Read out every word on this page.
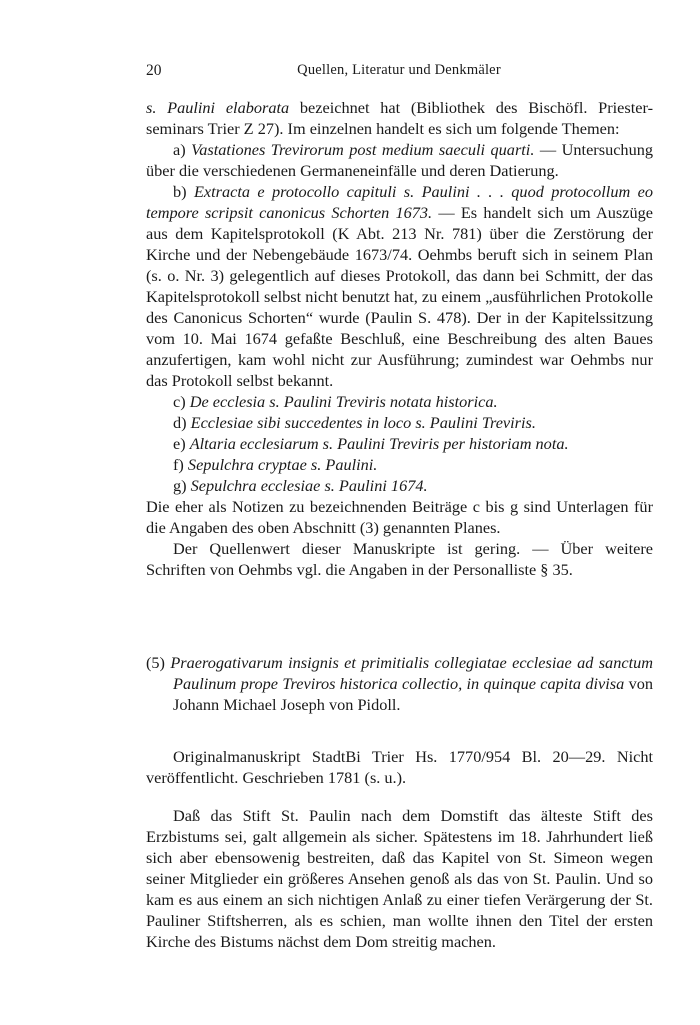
20	Quellen, Literatur und Denkmäler

s. Paulini elaborata bezeichnet hat (Bibliothek des Bischöfl. Priester-seminars Trier Z 27). Im einzelnen handelt es sich um folgende Themen:

a) Vastationes Trevirorum post medium saeculi quarti. — Untersuchung über die verschiedenen Germaneneinfälle und deren Datierung.

b) Extracta e protocollo capituli s. Paulini . . . quod protocollum eo tempore scripsit canonicus Schorten 1673. — Es handelt sich um Auszüge aus dem Kapitelsprotokoll (K Abt. 213 Nr. 781) über die Zerstörung der Kirche und der Nebengebäude 1673/74. Oehmbs beruft sich in seinem Plan (s. o. Nr. 3) gelegentlich auf dieses Protokoll, das dann bei Schmitt, der das Kapitelsprotokoll selbst nicht benutzt hat, zu einem „ausführlichen Protokolle des Canonicus Schorten“ wurde (Paulin S. 478). Der in der Kapitelssitzung vom 10. Mai 1674 gefaßte Beschluß, eine Beschreibung des alten Baues anzufertigen, kam wohl nicht zur Ausführung; zumindest war Oehmbs nur das Protokoll selbst bekannt.

c) De ecclesia s. Paulini Treviris notata historica.

d) Ecclesiae sibi succedentes in loco s. Paulini Treviris.

e) Altaria ecclesiarum s. Paulini Treviris per historiam nota.

f) Sepulchra cryptae s. Paulini.

g) Sepulchra ecclesiae s. Paulini 1674.

Die eher als Notizen zu bezeichnenden Beiträge c bis g sind Unterlagen für die Angaben des oben Abschnitt (3) genannten Planes.

Der Quellenwert dieser Manuskripte ist gering. — Über weitere Schriften von Oehmbs vgl. die Angaben in der Personalliste § 35.

(5) Praerogativarum insignis et primitialis collegiatae ecclesiae ad sanctum Paulinum prope Treviros historica collectio, in quinque capita divisa von Johann Michael Joseph von Pidoll.

Originalmanuskript StadtBi Trier Hs. 1770/954 Bl. 20—29. Nicht veröffentlicht. Geschrieben 1781 (s. u.).

Daß das Stift St. Paulin nach dem Domstift das älteste Stift des Erzbistums sei, galt allgemein als sicher. Spätestens im 18. Jahrhundert ließ sich aber ebensowenig bestreiten, daß das Kapitel von St. Simeon wegen seiner Mitglieder ein größeres Ansehen genoß als das von St. Paulin. Und so kam es aus einem an sich nichtigen Anlaß zu einer tiefen Verärgerung der St. Pauliner Stiftsherren, als es schien, man wollte ihnen den Titel der ersten Kirche des Bistums nächst dem Dom streitig machen.
